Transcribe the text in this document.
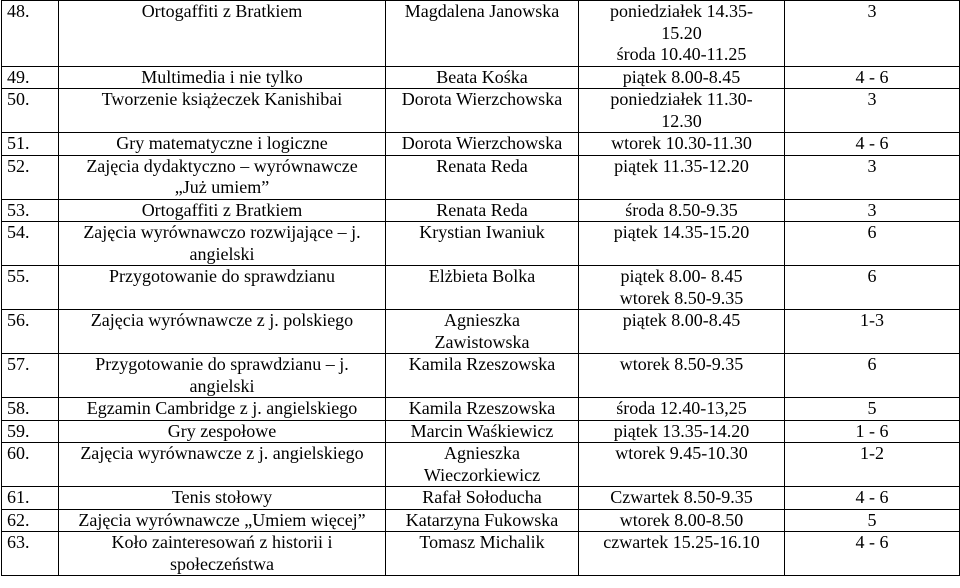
48.	Ortogaffiti z Bratkiem	Magdalena Janowska	poniedziałek 14.35-
15.20
środa 10.40-11.25	3
49.	Multimedia i nie tylko	Beata Kośka	piątek 8.00-8.45	4 - 6
50.	Tworzenie książeczek Kanishibai	Dorota Wierzchowska	poniedziałek 11.30-
12.30	3
51.	Gry matematyczne i logiczne	Dorota Wierzchowska	wtorek 10.30-11.30	4 - 6
52.	Zajęcia dydaktyczno – wyrównawcze
„Już umiem”	Renata Reda	piątek 11.35-12.20	3
53.	Ortogaffiti z Bratkiem	Renata Reda	środa 8.50-9.35	3
54.	Zajęcia wyrównawczo rozwijające – j.
angielski	Krystian Iwaniuk	piątek 14.35-15.20	6
55.	Przygotowanie do sprawdzianu	Elżbieta Bolka	piątek 8.00- 8.45
wtorek 8.50-9.35	6
56.	Zajęcia wyrównawcze z j. polskiego	Agnieszka
Zawistowska	piątek 8.00-8.45	1-3
57.	Przygotowanie do sprawdzianu – j.
angielski	Kamila Rzeszowska	wtorek 8.50-9.35	6
58.	Egzamin Cambridge z j. angielskiego	Kamila Rzeszowska	środa 12.40-13,25	5
59.	Gry zespołowe	Marcin Waśkiewicz	piątek 13.35-14.20	1 - 6
60.	Zajęcia wyrównawcze z j. angielskiego	Agnieszka
Wieczorkiewicz	wtorek 9.45-10.30	1-2
61.	Tenis stołowy	Rafał Sołoducha	Czwartek 8.50-9.35	4 - 6
62.	Zajęcia wyrównawcze „Umiem więcej”	Katarzyna Fukowska	wtorek 8.00-8.50	5
63.	Koło zainteresowań z historii i
społeczeństwa	Tomasz Michalik	czwartek 15.25-16.10	4 - 6
